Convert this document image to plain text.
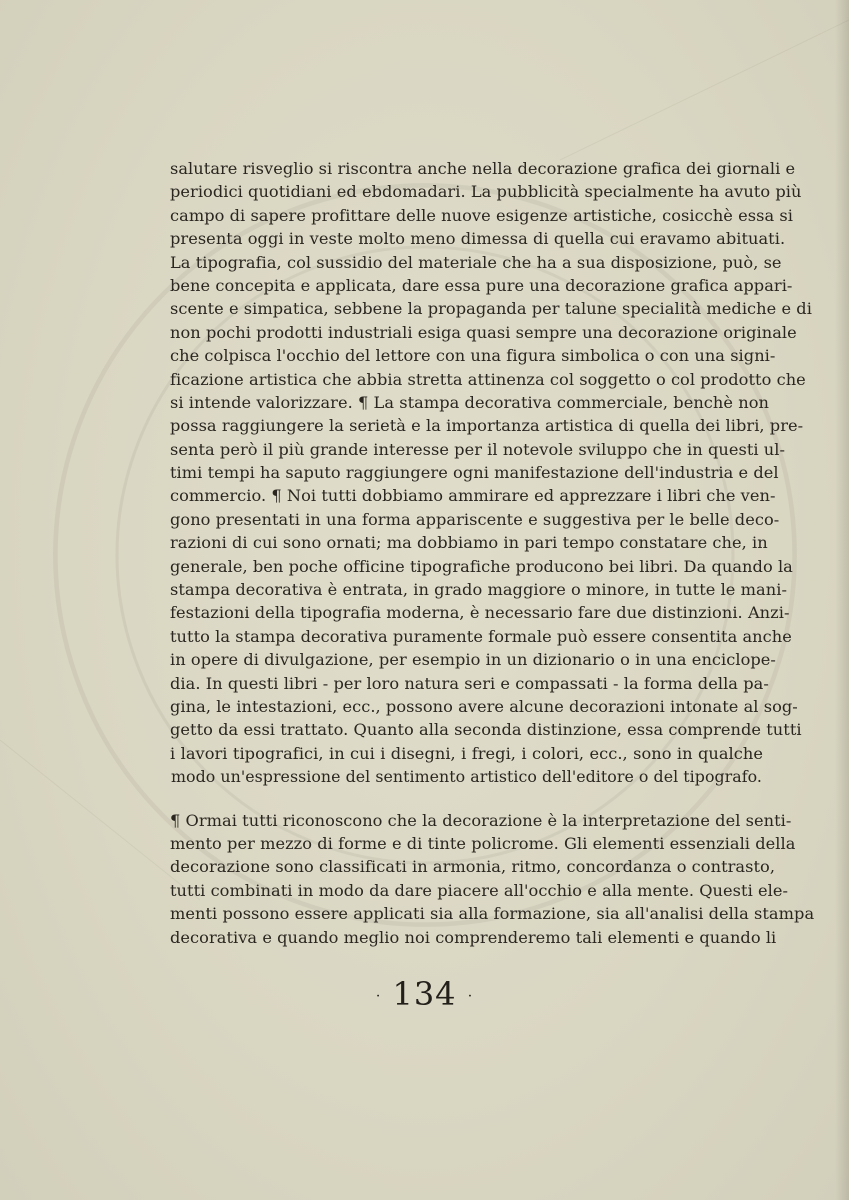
salutare risveglio si riscontra anche nella decorazione grafica dei giornali e
periodici quotidiani ed ebdomadari. La pubblicità specialmente ha avuto più
campo di sapere profittare delle nuove esigenze artistiche, cosicchè essa si
presenta oggi in veste molto meno dimessa di quella cui eravamo abituati.
La tipografia, col sussidio del materiale che ha a sua disposizione, può, se
bene concepita e applicata, dare essa pure una decorazione grafica appari-
scente e simpatica, sebbene la propaganda per talune specialità mediche e di
non pochi prodotti industriali esiga quasi sempre una decorazione originale
che colpisca l'occhio del lettore con una figura simbolica o con una signi-
ficazione artistica che abbia stretta attinenza col soggetto o col prodotto che
si intende valorizzare. ¶ La stampa decorativa commerciale, benchè non
possa raggiungere la serietà e la importanza artistica di quella dei libri, pre-
senta però il più grande interesse per il notevole sviluppo che in questi ul-
timi tempi ha saputo raggiungere ogni manifestazione dell'industria e del
commercio. ¶ Noi tutti dobbiamo ammirare ed apprezzare i libri che ven-
gono presentati in una forma appariscente e suggestiva per le belle deco-
razioni di cui sono ornati; ma dobbiamo in pari tempo constatare che, in
generale, ben poche officine tipografiche producono bei libri. Da quando la
stampa decorativa è entrata, in grado maggiore o minore, in tutte le mani-
festazioni della tipografia moderna, è necessario fare due distinzioni. Anzi-
tutto la stampa decorativa puramente formale può essere consentita anche
in opere di divulgazione, per esempio in un dizionario o in una enciclope-
dia. In questi libri - per loro natura seri e compassati - la forma della pa-
gina, le intestazioni, ecc., possono avere alcune decorazioni intonate al sog-
getto da essi trattato. Quanto alla seconda distinzione, essa comprende tutti
i lavori tipografici, in cui i disegni, i fregi, i colori, ecc., sono in qualche
modo un'espressione del sentimento artistico dell'editore o del tipografo.
¶ Ormai tutti riconoscono che la decorazione è la interpretazione del senti-
mento per mezzo di forme e di tinte policrome. Gli elementi essenziali della
decorazione sono classificati in armonia, ritmo, concordanza o contrasto,
tutti combinati in modo da dare piacere all'occhio e alla mente. Questi ele-
menti possono essere applicati sia alla formazione, sia all'analisi della stampa
decorativa e quando meglio noi comprenderemo tali elementi e quando li
· 134 ·
